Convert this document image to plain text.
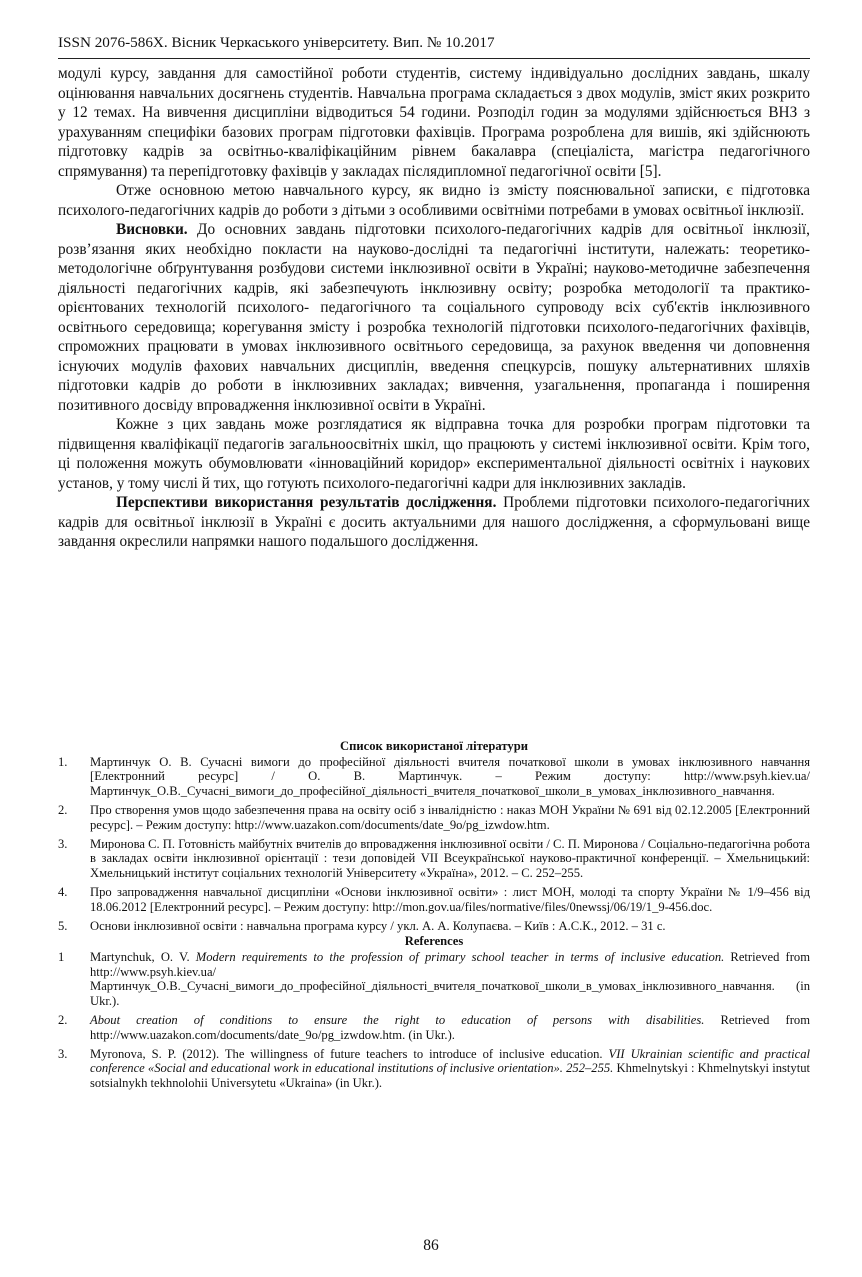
ISSN 2076-586X. Вісник Черкаського університету. Вип. № 10.2017

модулі курсу, завдання для самостійної роботи студентів, систему індивідуально дослідних завдань, шкалу оцінювання навчальних досягнень студентів. Навчальна програма складається з двох модулів, зміст яких розкрито у 12 темах. На вивчення дисципліни відводиться 54 години. Розподіл годин за модулями здійснюється ВНЗ з урахуванням специфіки базових програм підготовки фахівців. Програма розроблена для вишів, які здійснюють підготовку кадрів за освітньо-кваліфікаційним рівнем бакалавра (спеціаліста, магістра педагогічного спрямування) та перепідготовку фахівців у закладах післядипломної педагогічної освіти [5].

Отже основною метою навчального курсу, як видно із змісту пояснювальної записки, є підготовка психолого-педагогічних кадрів до роботи з дітьми з особливими освітніми потребами в умовах освітньої інклюзії.

Висновки. До основних завдань підготовки психолого-педагогічних кадрів для освітньої інклюзії, розв’язання яких необхідно покласти на науково-дослідні та педагогічні інститути, належать: теоретико-методологічне обґрунтування розбудови системи інклюзивної освіти в Україні; науково-методичне забезпечення діяльності педагогічних кадрів, які забезпечують інклюзивну освіту; розробка методології та практико-орієнтованих технологій психолого- педагогічного та соціального супроводу всіх суб'єктів інклюзивного освітнього середовища; корегування змісту і розробка технологій підготовки психолого-педагогічних фахівців, спроможних працювати в умовах інклюзивного освітнього середовища, за рахунок введення чи доповнення існуючих модулів фахових навчальних дисциплін, введення спецкурсів, пошуку альтернативних шляхів підготовки кадрів до роботи в інклюзивних закладах; вивчення, узагальнення, пропаганда і поширення позитивного досвіду впровадження інклюзивної освіти в Україні.

Кожне з цих завдань може розглядатися як відправна точка для розробки програм підготовки та підвищення кваліфікації педагогів загальноосвітніх шкіл, що працюють у системі інклюзивної освіти. Крім того, ці положення можуть обумовлювати «інноваційний коридор» експериментальної діяльності освітніх і наукових установ, у тому числі й тих, що готують психолого-педагогічні кадри для інклюзивних закладів.

Перспективи використання результатів дослідження. Проблеми підготовки психолого-педагогічних кадрів для освітньої інклюзії в Україні є досить актуальними для нашого дослідження, а сформульовані вище завдання окреслили напрямки нашого подальшого дослідження.

Список використаної літератури

1. Мартинчук О. В. Сучасні вимоги до професійної діяльності вчителя початкової школи в умовах інклюзивного навчання [Електронний ресурс] / О. В. Мартинчук. – Режим доступу: http://www.psyh.kiev.ua/Мартинчук_О.В._Сучасні_вимоги_до_професійної_діяльності_вчителя_початкової_школи_в_умовах_інклюзивного_навчання.
2. Про створення умов щодо забезпечення права на освіту осіб з інвалідністю : наказ МОН України № 691 від 02.12.2005 [Електронний ресурс]. – Режим доступу: http://www.uazakon.com/documents/date_9o/pg_izwdow.htm.
3. Миронова С. П. Готовність майбутніх вчителів до впровадження інклюзивної освіти / С. П. Миронова / Соціально-педагогічна робота в закладах освіти інклюзивної орієнтації : тези доповідей VII Всеукраїнської науково-практичної конференції. – Хмельницький: Хмельницький інститут соціальних технологій Університету «Україна», 2012. – С. 252–255.
4. Про запровадження навчальної дисципліни «Основи інклюзивної освіти» : лист МОН, молоді та спорту України № 1/9–456 від 18.06.2012 [Електронний ресурс]. – Режим доступу: http://mon.gov.ua/files/normative/files/0newssj/06/19/1_9-456.doc.
5. Основи інклюзивної освіти : навчальна програма курсу / укл. А. А. Колупаєва. – Київ : А.С.К., 2012. – 31 с.

References

1 Martynchuk, O. V. Modern requirements to the profession of primary school teacher in terms of inclusive education. Retrieved from http://www.psyh.kiev.ua/Мартинчук_О.В._Сучасні_вимоги_до_професійної_діяльності_вчителя_початкової_школи_в_умовах_інклюзивного_навчання. (in Ukr.).
2. About creation of conditions to ensure the right to education of persons with disabilities. Retrieved from http://www.uazakon.com/documents/date_9o/pg_izwdow.htm. (in Ukr.).
3. Myronova, S. P. (2012). The willingness of future teachers to introduce of inclusive education. VII Ukrainian scientific and practical conference «Social and educational work in educational institutions of inclusive orientation». 252–255. Khmelnytskyi : Khmelnytskyi instytut sotsialnykh tekhnolohii Universytetu «Ukraina» (in Ukr.).
86
